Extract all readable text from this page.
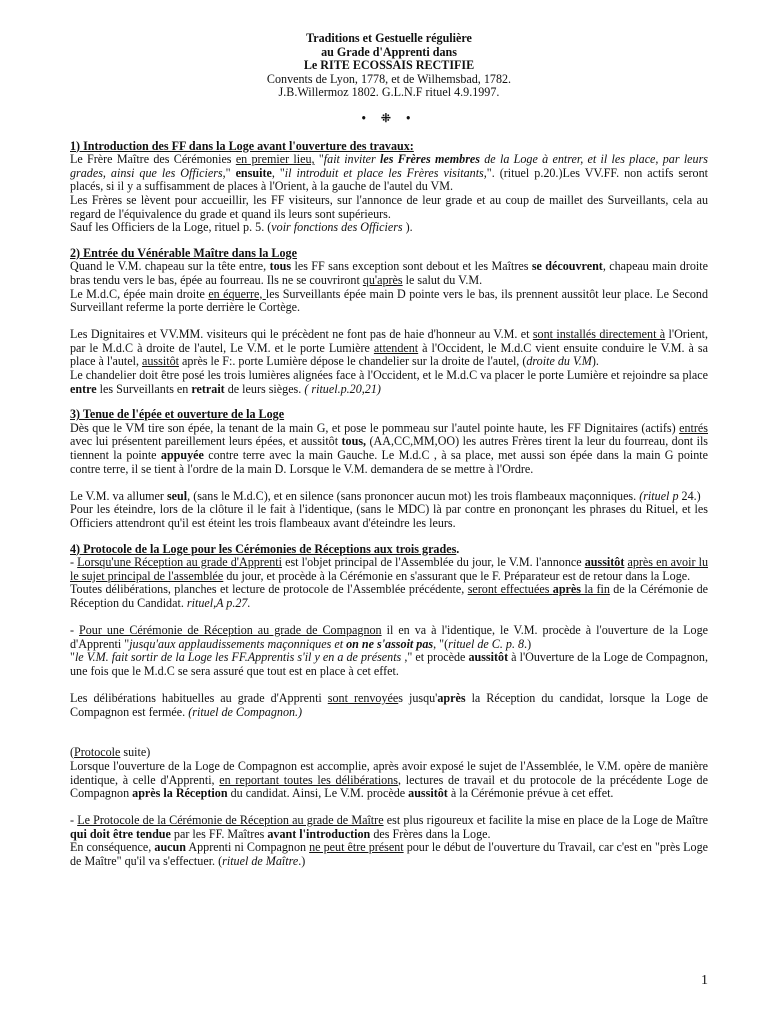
Traditions et Gestuelle régulière
au Grade d'Apprenti dans
Le RITE ECOSSAIS RECTIFIE
Convents de Lyon, 1778, et de Wilhemsbad, 1782.
J.B.Willermoz 1802. G.L.N.F rituel 4.9.1997.
• ⁜ •

1) Introduction des FF dans la Loge avant l'ouverture des travaux:

Le Frère Maître des Cérémonies en premier lieu, "fait inviter les Frères membres de la Loge à entrer, et il les place, par leurs grades, ainsi que les Officiers," ensuite, "il introduit et place les Frères visitants,". (rituel p.20.)Les VV.FF. non actifs seront placés, si il y a suffisamment de places à l'Orient, à la gauche de l'autel du VM.

Les Frères se lèvent pour accueillir, les FF visiteurs, sur l'annonce de leur grade et au coup de maillet des Surveillants, cela au regard de l'équivalence du grade et quand ils leurs sont supérieurs.

Sauf les Officiers de la Loge, rituel p. 5. (voir fonctions des Officiers ).

2) Entrée du Vénérable Maître dans la Loge

Quand le V.M. chapeau sur la tête entre, tous les FF sans exception sont debout et les Maîtres se découvrent, chapeau main droite bras tendu vers le bas, épée au fourreau. Ils ne se couvriront qu'après le salut du V.M.

Le M.d.C, épée main droite en équerre, les Surveillants épée main D pointe vers le bas, ils prennent aussitôt leur place. Le Second Surveillant referme la porte derrière le Cortège.

Les Dignitaires et VV.MM. visiteurs qui le précèdent ne font pas de haie d'honneur au V.M. et sont installés directement à l'Orient, par le M.d.C à droite de l'autel, Le V.M. et le porte Lumière attendent à l'Occident, le M.d.C vient ensuite conduire le V.M. à sa place à l'autel, aussitôt après le F:. porte Lumière dépose le chandelier sur la droite de l'autel, (droite du V.M).

Le chandelier doit être posé les trois lumières alignées face à l'Occident, et le M.d.C va placer le porte Lumière et rejoindre sa place entre les Surveillants en retrait de leurs sièges. ( rituel.p.20,21)

3) Tenue de l'épée et ouverture de la Loge

Dès que le VM tire son épée, la tenant de la main G, et pose le pommeau sur l'autel pointe haute, les FF Dignitaires (actifs) entrés avec lui présentent pareillement leurs épées, et aussitôt tous, (AA,CC,MM,OO) les autres Frères tirent la leur du fourreau, dont ils tiennent la pointe appuyée contre terre avec la main Gauche. Le M.d.C , à sa place, met aussi son épée dans la main G pointe contre terre, il se tient à l'ordre de la main D. Lorsque le V.M. demandera de se mettre à l'Ordre.

Le V.M. va allumer seul, (sans le M.d.C), et en silence (sans prononcer aucun mot) les trois flambeaux maçonniques. (rituel p 24.)

Pour les éteindre, lors de la clôture il le fait à l'identique, (sans le MDC) là par contre en prononçant les phrases du Rituel, et les Officiers attendront qu'il est éteint les trois flambeaux avant d'éteindre les leurs.

4) Protocole de la Loge pour les Cérémonies de Réceptions aux trois grades.

- Lorsqu'une Réception au grade d'Apprenti est l'objet principal de l'Assemblée du jour, le V.M. l'annonce aussitôt après en avoir lu le sujet principal de l'assemblée du jour, et procède à la Cérémonie en s'assurant que le F. Préparateur est de retour dans la Loge.

Toutes délibérations, planches et lecture de protocole de l'Assemblée précédente, seront effectuées après la fin de la Cérémonie de Réception du Candidat. rituel,A p.27.

- Pour une Cérémonie de Réception au grade de Compagnon il en va à l'identique, le V.M. procède à l'ouverture de la Loge d'Apprenti "jusqu'aux applaudissements maçonniques et on ne s'assoit pas, "(rituel de C. p. 8.)

"le V.M. fait sortir de la Loge les FF.Apprentis s'il y en a de présents ," et procède aussitôt à l'Ouverture de la Loge de Compagnon, une fois que le M.d.C se sera assuré que tout est en place à cet effet.

Les délibérations habituelles au grade d'Apprenti sont renvoyées jusqu'après la Réception du candidat, lorsque la Loge de Compagnon est fermée. (rituel de Compagnon.)

(Protocole suite)

Lorsque l'ouverture de la Loge de Compagnon est accomplie, après avoir exposé le sujet de l'Assemblée, le V.M. opère de manière identique, à celle d'Apprenti, en reportant toutes les délibérations, lectures de travail et du protocole de la précédente Loge de Compagnon après la Réception du candidat. Ainsi, Le V.M. procède aussitôt à la Cérémonie prévue à cet effet.

- Le Protocole de la Cérémonie de Réception au grade de Maître est plus rigoureux et facilite la mise en place de la Loge de Maître qui doit être tendue par les FF. Maîtres avant l'introduction des Frères dans la Loge.

En conséquence, aucun Apprenti ni Compagnon ne peut être présent pour le début de l'ouverture du Travail, car c'est en "près Loge de Maître" qu'il va s'effectuer. (rituel de Maître.)

1
